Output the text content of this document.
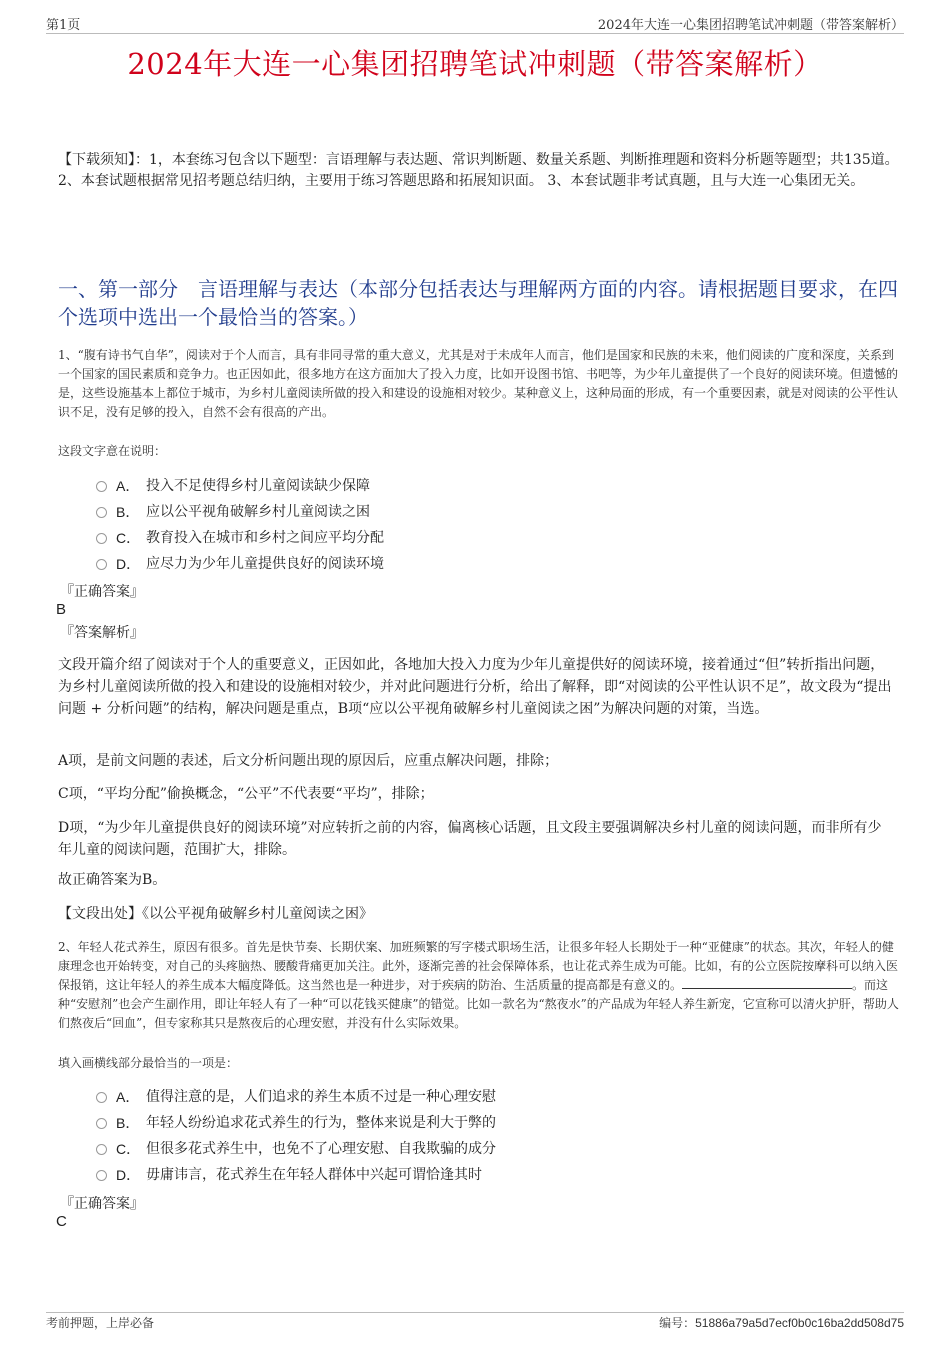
第1页	2024年大连一心集团招聘笔试冲刺题（带答案解析）
2024年大连一心集团招聘笔试冲刺题（带答案解析）
【下载须知】：1，本套练习包含以下题型：言语理解与表达题、常识判断题、数量关系题、判断推理题和资料分析题等题型；共135道。 2、本套试题根据常见招考题总结归纳，主要用于练习答题思路和拓展知识面。 3、本套试题非考试真题，且与大连一心集团无关。
一、第一部分　言语理解与表达（本部分包括表达与理解两方面的内容。请根据题目要求，在四个选项中选出一个最恰当的答案。）
1、“腹有诗书气自华”，阅读对于个人而言，具有非同寻常的重大意义，尤其是对于未成年人而言，他们是国家和民族的未来，他们阅读的广度和深度，关系到一个国家的国民素质和竞争力。也正因如此，很多地方在这方面加大了投入力度，比如开设图书馆、书吧等，为少年儿童提供了一个良好的阅读环境。但遗憾的是，这些设施基本上都位于城市，为乡村儿童阅读所做的投入和建设的设施相对较少。某种意义上，这种局面的形成，有一个重要因素，就是对阅读的公平性认识不足，没有足够的投入，自然不会有很高的产出。
这段文字意在说明：
A． 投入不足使得乡村儿童阅读缺少保障
B． 应以公平视角破解乡村儿童阅读之困
C． 教育投入在城市和乡村之间应平均分配
D． 应尽力为少年儿童提供良好的阅读环境
『正确答案』
B
『答案解析』
文段开篇介绍了阅读对于个人的重要意义，正因如此，各地加大投入力度为少年儿童提供好的阅读环境，接着通过“但”转折指出问题，为乡村儿童阅读所做的投入和建设的设施相对较少，并对此问题进行分析，给出了解释，即“对阅读的公平性认识不足”，故文段为“提出问题 + 分析问题”的结构，解决问题是重点，B项“应以公平视角破解乡村儿童阅读之困”为解决问题的对策，当选。
A项，是前文问题的表述，后文分析问题出现的原因后，应重点解决问题，排除；
C项，“平均分配”偷换概念，“公平”不代表要“平均”，排除；
D项，“为少年儿童提供良好的阅读环境”对应转折之前的内容，偏离核心话题，且文段主要强调解决乡村儿童的阅读问题，而非所有少年儿童的阅读问题，范围扩大，排除。
故正确答案为B。
【文段出处】《以公平视角破解乡村儿童阅读之困》
2、年轻人花式养生，原因有很多。首先是快节奏、长期伏案、加班频繁的写字楼式职场生活，让很多年轻人长期处于一种“亚健康”的状态。其次，年轻人的健康理念也开始转变，对自己的头疼脑热、腰酸背痛更加关注。此外，逐渐完善的社会保障体系，也让花式养生成为可能。比如，有的公立医院按摩科可以纳入医保报销，这让年轻人的养生成本大幅度降低。这当然也是一种进步，对于疾病的防治、生活质量的提高都是有意义的。	。而这种“安慰剂”也会产生副作用，即让年轻人有了一种“可以花钱买健康”的错觉。比如一款名为“熬夜水”的产品成为年轻人养生新宠，它宣称可以清火护肝，帮助人们熬夜后“回血”，但专家称其只是熬夜后的心理安慰，并没有什么实际效果。
填入画横线部分最恰当的一项是：
A． 值得注意的是，人们追求的养生本质不过是一种心理安慰
B． 年轻人纷纷追求花式养生的行为，整体来说是利大于弊的
C． 但很多花式养生中，也免不了心理安慰、自我欺骗的成分
D． 毋庸讳言，花式养生在年轻人群体中兴起可谓恰逢其时
『正确答案』
C
考前押题，上岸必备	编号：51886a79a5d7ecf0b0c16ba2dd508d75
